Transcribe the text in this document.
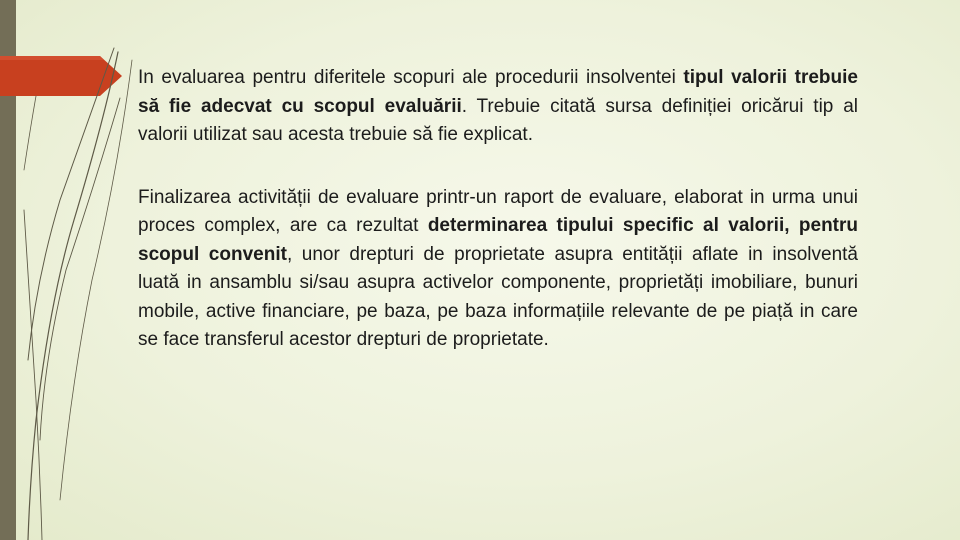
In evaluarea pentru diferitele scopuri ale procedurii insolventei tipul valorii trebuie să fie adecvat cu scopul evaluării. Trebuie citată sursa definiției oricărui tip al valorii utilizat sau acesta trebuie să fie explicat.

Finalizarea activității de evaluare printr-un raport de evaluare, elaborat in urma unui proces complex, are ca rezultat determinarea tipului specific al valorii, pentru scopul convenit, unor drepturi de proprietate asupra entității aflate in insolventă luată in ansamblu si/sau asupra activelor componente, proprietăți imobiliare, bunuri mobile, active financiare, pe baza, pe baza informațiile relevante de pe piață in care se face transferul acestor drepturi de proprietate.
